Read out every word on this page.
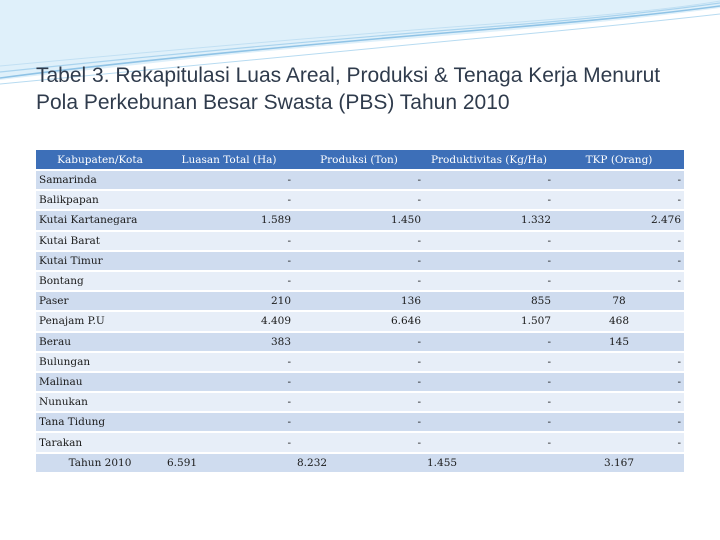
Tabel 3. Rekapitulasi Luas Areal, Produksi & Tenaga Kerja Menurut Pola Perkebunan Besar Swasta (PBS) Tahun 2010
Kabupaten/Kota	Luasan Total (Ha)	Produksi (Ton)	Produktivitas (Kg/Ha)	TKP (Orang)
Samarinda	-	-	-	-
Balikpapan	-	-	-	-
Kutai Kartanegara	1.589	1.450	1.332	2.476
Kutai Barat	-	-	-	-
Kutai Timur	-	-	-	-
Bontang	-	-	-	-
Paser	210	136	855	78
Penajam P.U	4.409	6.646	1.507	468
Berau	383	-	-	145
Bulungan	-	-	-	-
Malinau	-	-	-	-
Nunukan	-	-	-	-
Tana Tidung	-	-	-	-
Tarakan	-	-	-	-
Tahun 2010	6.591	8.232	1.455	3.167
